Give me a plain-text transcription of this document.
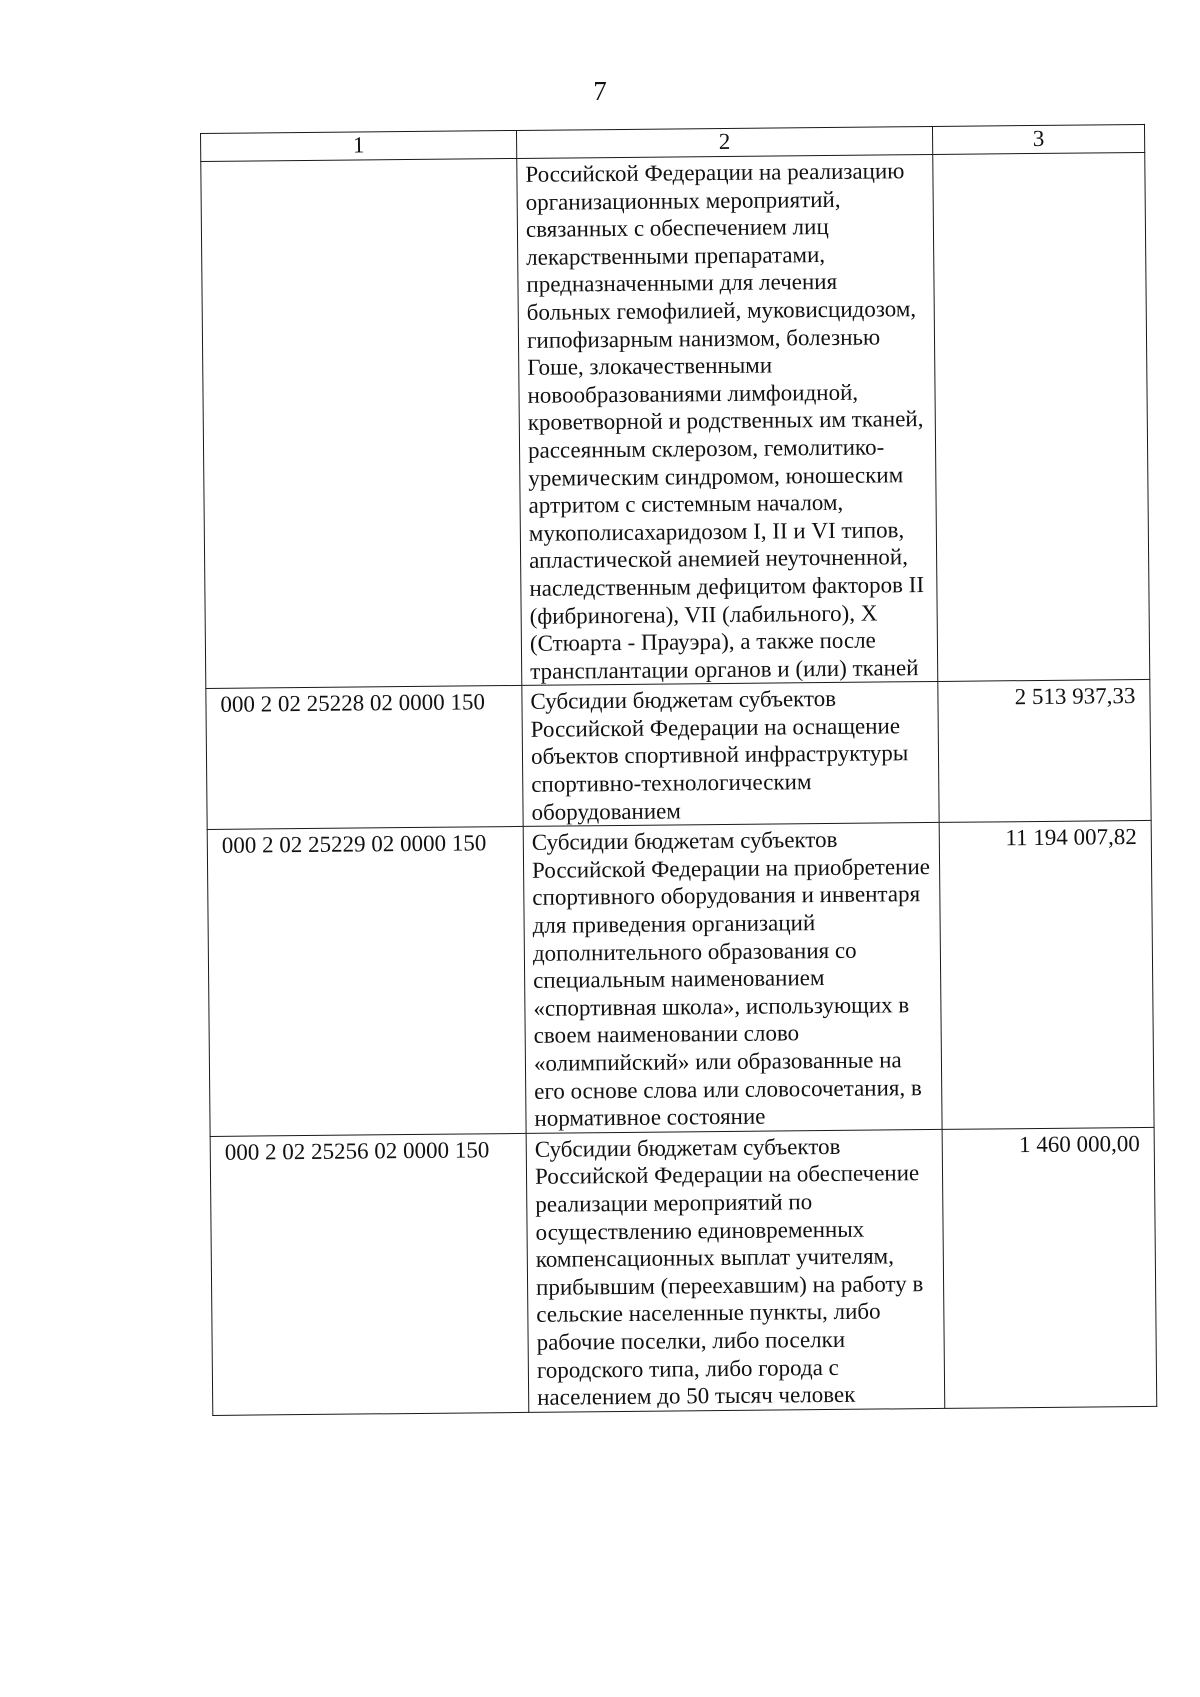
7
1	2	3
	Российской Федерации на реализацию организационных мероприятий, связанных с обеспечением лиц лекарственными препаратами, предназначенными для лечения больных гемофилией, муковисцидозом, гипофизарным нанизмом, болезнью Гоше, злокачественными новообразованиями лимфоидной, кроветворной и родственных им тканей, рассеянным склерозом, гемолитико-уремическим синдромом, юношеским артритом с системным началом, мукополисахаридозом I, II и VI типов, апластической анемией неуточненной, наследственным дефицитом факторов II (фибриногена), VII (лабильного), X (Стюарта - Прауэра), а также после трансплантации органов и (или) тканей	
000 2 02 25228 02 0000 150	Субсидии бюджетам субъектов Российской Федерации на оснащение объектов спортивной инфраструктуры спортивно-технологическим оборудованием	2 513 937,33
000 2 02 25229 02 0000 150	Субсидии бюджетам субъектов Российской Федерации на приобретение спортивного оборудования и инвентаря для приведения организаций дополнительного образования со специальным наименованием «спортивная школа», использующих в своем наименовании слово «олимпийский» или образованные на его основе слова или словосочетания, в нормативное состояние	11 194 007,82
000 2 02 25256 02 0000 150	Субсидии бюджетам субъектов Российской Федерации на обеспечение реализации мероприятий по осуществлению единовременных компенсационных выплат учителям, прибывшим (переехавшим) на работу в сельские населенные пункты, либо рабочие поселки, либо поселки городского типа, либо города с населением до 50 тысяч человек	1 460 000,00
